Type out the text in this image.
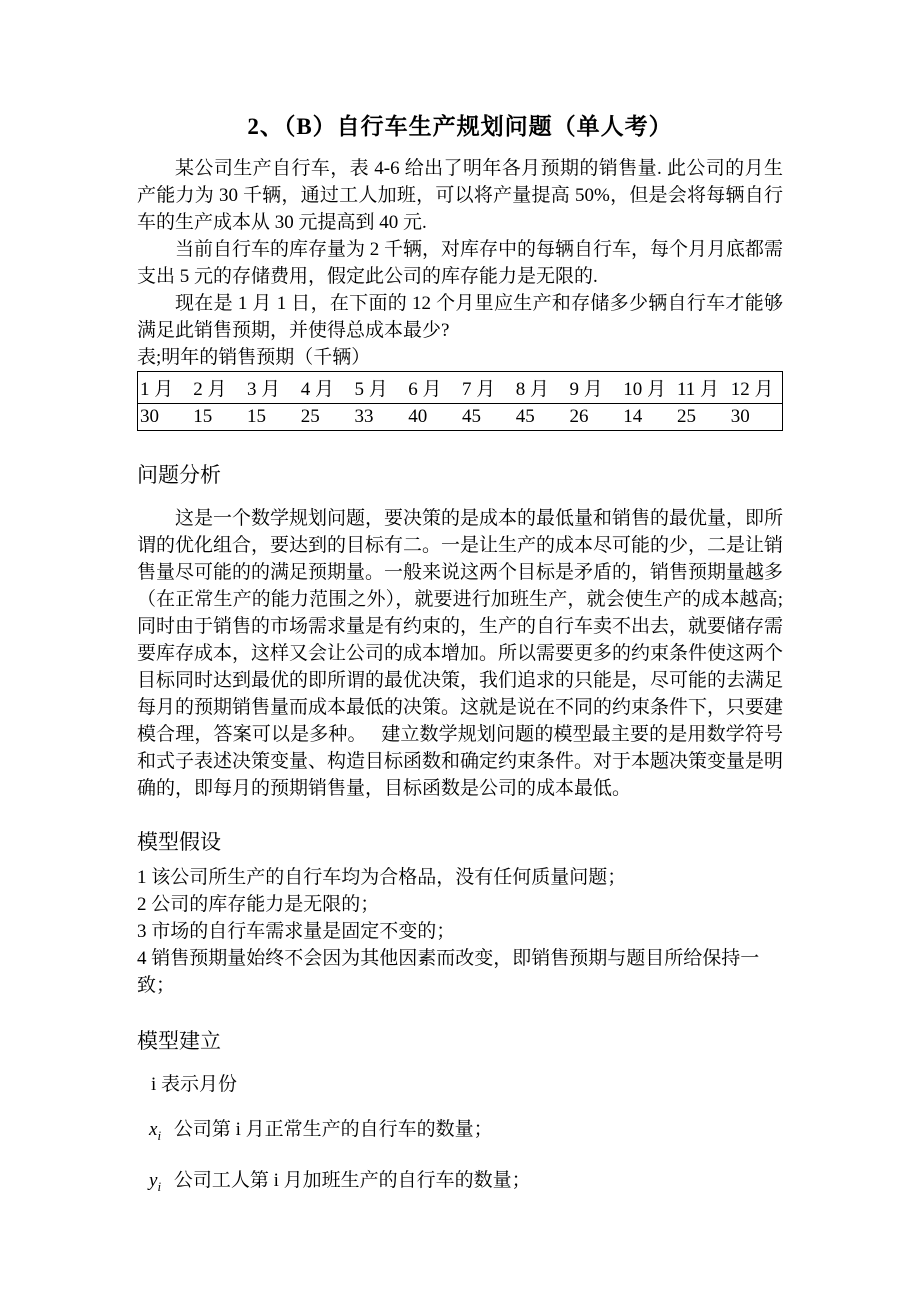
2、（B）自行车生产规划问题（单人考）

某公司生产自行车，表 4-6 给出了明年各月预期的销售量. 此公司的月生产能力为 30 千辆，通过工人加班，可以将产量提高 50%，但是会将每辆自行车的生产成本从 30 元提高到 40 元.

当前自行车的库存量为 2 千辆，对库存中的每辆自行车，每个月月底都需支出 5 元的存储费用，假定此公司的库存能力是无限的.

现在是 1 月 1 日，在下面的 12 个月里应生产和存储多少辆自行车才能够满足此销售预期，并使得总成本最少?

表;明年的销售预期（千辆）

1 月	2 月	3 月	4 月	5 月	6 月	7 月	8 月	9 月	10 月	11 月	12 月
30	15	15	25	33	40	45	45	26	14	25	30
问题分析

这是一个数学规划问题，要决策的是成本的最低量和销售的最优量，即所谓的优化组合，要达到的目标有二。一是让生产的成本尽可能的少，二是让销售量尽可能的的满足预期量。一般来说这两个目标是矛盾的，销售预期量越多（在正常生产的能力范围之外），就要进行加班生产，就会使生产的成本越高; 同时由于销售的市场需求量是有约束的，生产的自行车卖不出去，就要储存需要库存成本，这样又会让公司的成本增加。所以需要更多的约束条件使这两个目标同时达到最优的即所谓的最优决策，我们追求的只能是，尽可能的去满足每月的预期销售量而成本最低的决策。这就是说在不同的约束条件下，只要建模合理，答案可以是多种。　 建立数学规划问题的模型最主要的是用数学符号和式子表述决策变量、构造目标函数和确定约束条件。对于本题决策变量是明确的，即每月的预期销售量，目标函数是公司的成本最低。

模型假设

1 该公司所生产的自行车均为合格品，没有任何质量问题；

2 公司的库存能力是无限的；

3 市场的自行车需求量是固定不变的；

4 销售预期量始终不会因为其他因素而改变，即销售预期与题目所给保持一致；

模型建立

i 表示月份

$x_i$ 公司第 i 月正常生产的自行车的数量；

$y_i$ 公司工人第 i 月加班生产的自行车的数量；
